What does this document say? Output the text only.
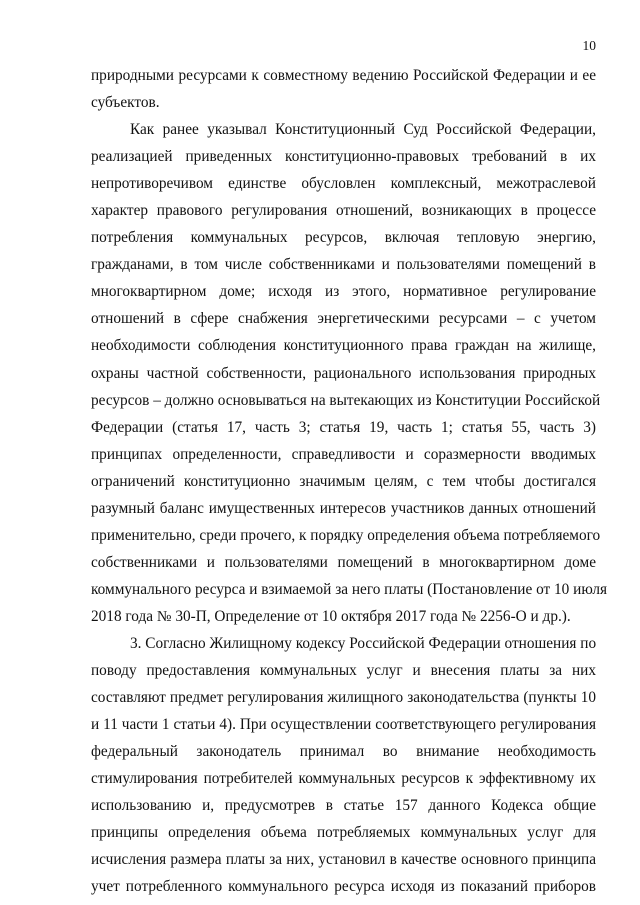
10
природными ресурсами к совместному ведению Российской Федерации и ее
субъектов.
Как ранее указывал Конституционный Суд Российской Федерации,
реализацией приведенных конституционно-правовых требований в их
непротиворечивом единстве обусловлен комплексный, межотраслевой
характер правового регулирования отношений, возникающих в процессе
потребления коммунальных ресурсов, включая тепловую энергию,
гражданами, в том числе собственниками и пользователями помещений в
многоквартирном доме; исходя из этого, нормативное регулирование
отношений в сфере снабжения энергетическими ресурсами – с учетом
необходимости соблюдения конституционного права граждан на жилище,
охраны частной собственности, рационального использования природных
ресурсов – должно основываться на вытекающих из Конституции Российской
Федерации (статья 17, часть 3; статья 19, часть 1; статья 55, часть 3)
принципах определенности, справедливости и соразмерности вводимых
ограничений конституционно значимым целям, с тем чтобы достигался
разумный баланс имущественных интересов участников данных отношений
применительно, среди прочего, к порядку определения объема потребляемого
собственниками и пользователями помещений в многоквартирном доме
коммунального ресурса и взимаемой за него платы (Постановление от 10 июля
2018 года № 30-П, Определение от 10 октября 2017 года № 2256-О и др.).
3. Согласно Жилищному кодексу Российской Федерации отношения по
поводу предоставления коммунальных услуг и внесения платы за них
составляют предмет регулирования жилищного законодательства (пункты 10
и 11 части 1 статьи 4). При осуществлении соответствующего регулирования
федеральный законодатель принимал во внимание необходимость
стимулирования потребителей коммунальных ресурсов к эффективному их
использованию и, предусмотрев в статье 157 данного Кодекса общие
принципы определения объема потребляемых коммунальных услуг для
исчисления размера платы за них, установил в качестве основного принципа
учет потребленного коммунального ресурса исходя из показаний приборов
